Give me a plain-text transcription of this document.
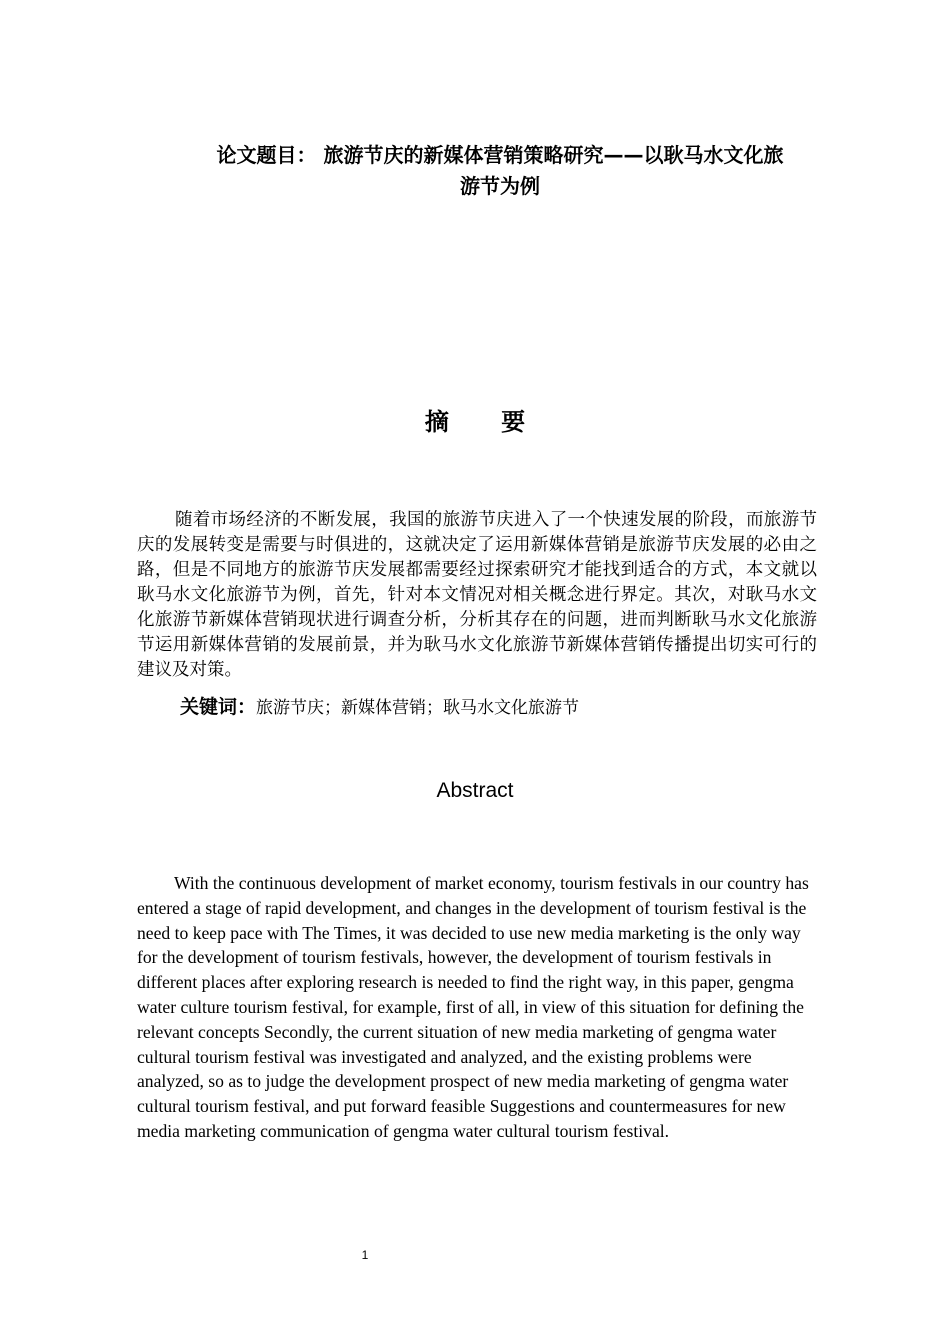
论文题目： 旅游节庆的新媒体营销策略研究——以耿马水文化旅
游节为例
摘 要

随着市场经济的不断发展，我国的旅游节庆进入了一个快速发展的阶段，而旅游节庆的发展转变是需要与时俱进的，这就决定了运用新媒体营销是旅游节庆发展的必由之路，但是不同地方的旅游节庆发展都需要经过探索研究才能找到适合的方式，本文就以耿马水文化旅游节为例，首先，针对本文情况对相关概念进行界定。其次，对耿马水文化旅游节新媒体营销现状进行调查分析，分析其存在的问题，进而判断耿马水文化旅游节运用新媒体营销的发展前景，并为耿马水文化旅游节新媒体营销传播提出切实可行的建议及对策。

关键词：旅游节庆；新媒体营销；耿马水文化旅游节
Abstract

With the continuous development of market economy, tourism festivals in our country has entered a stage of rapid development, and changes in the development of tourism festival is the need to keep pace with The Times, it was decided to use new media marketing is the only way for the development of tourism festivals, however, the development of tourism festivals in different places after exploring research is needed to find the right way, in this paper, gengma water culture tourism festival, for example, first of all, in view of this situation for defining the relevant concepts Secondly, the current situation of new media marketing of gengma water cultural tourism festival was investigated and analyzed, and the existing problems were analyzed, so as to judge the development prospect of new media marketing of gengma water cultural tourism festival, and put forward feasible Suggestions and countermeasures for new media marketing communication of gengma water cultural tourism festival.

1
